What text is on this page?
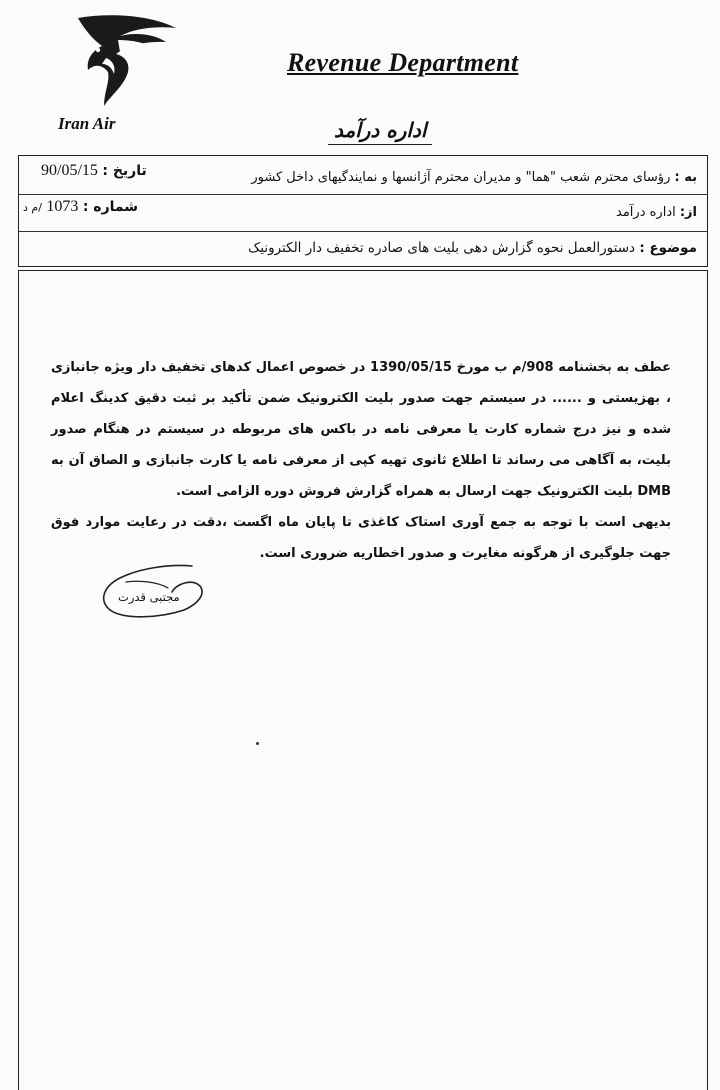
Iran Air
Revenue Department
اداره درآمد
به : رؤسای محترم شعب "هما" و مدیران محترم آژانسها و نمایندگیهای داخل کشور
تاریخ : 90/05/15
از: اداره درآمد
شماره : 1073 /م د
موضوع : دستورالعمل نحوه گزارش دهی بلیت های صادره تخفیف دار الکترونیک
عطف به بخشنامه 908/م ب مورخ 1390/05/15 در خصوص اعمال کدهای تخفیف دار ویژه جانبازی ، بهزیستی و ...... در سیستم جهت صدور بلیت الکترونیک ضمن تأکید بر ثبت دقیق کدینگ اعلام شده و نیز درج شماره کارت یا معرفی نامه در باکس های مربوطه در سیستم در هنگام صدور بلیت، به آگاهی می رساند تا اطلاع ثانوی تهیه کپی از معرفی نامه یا کارت جانبازی و الصاق آن به DMB بلیت الکترونیک جهت ارسال به همراه گزارش فروش دوره الزامی است.
بدیهی است با توجه به جمع آوری استاک کاغذی تا پایان ماه اگست ،دقت در رعایت موارد فوق جهت جلوگیری از هرگونه مغایرت و صدور اخطاریه ضروری است.
مجتبی قدرت
